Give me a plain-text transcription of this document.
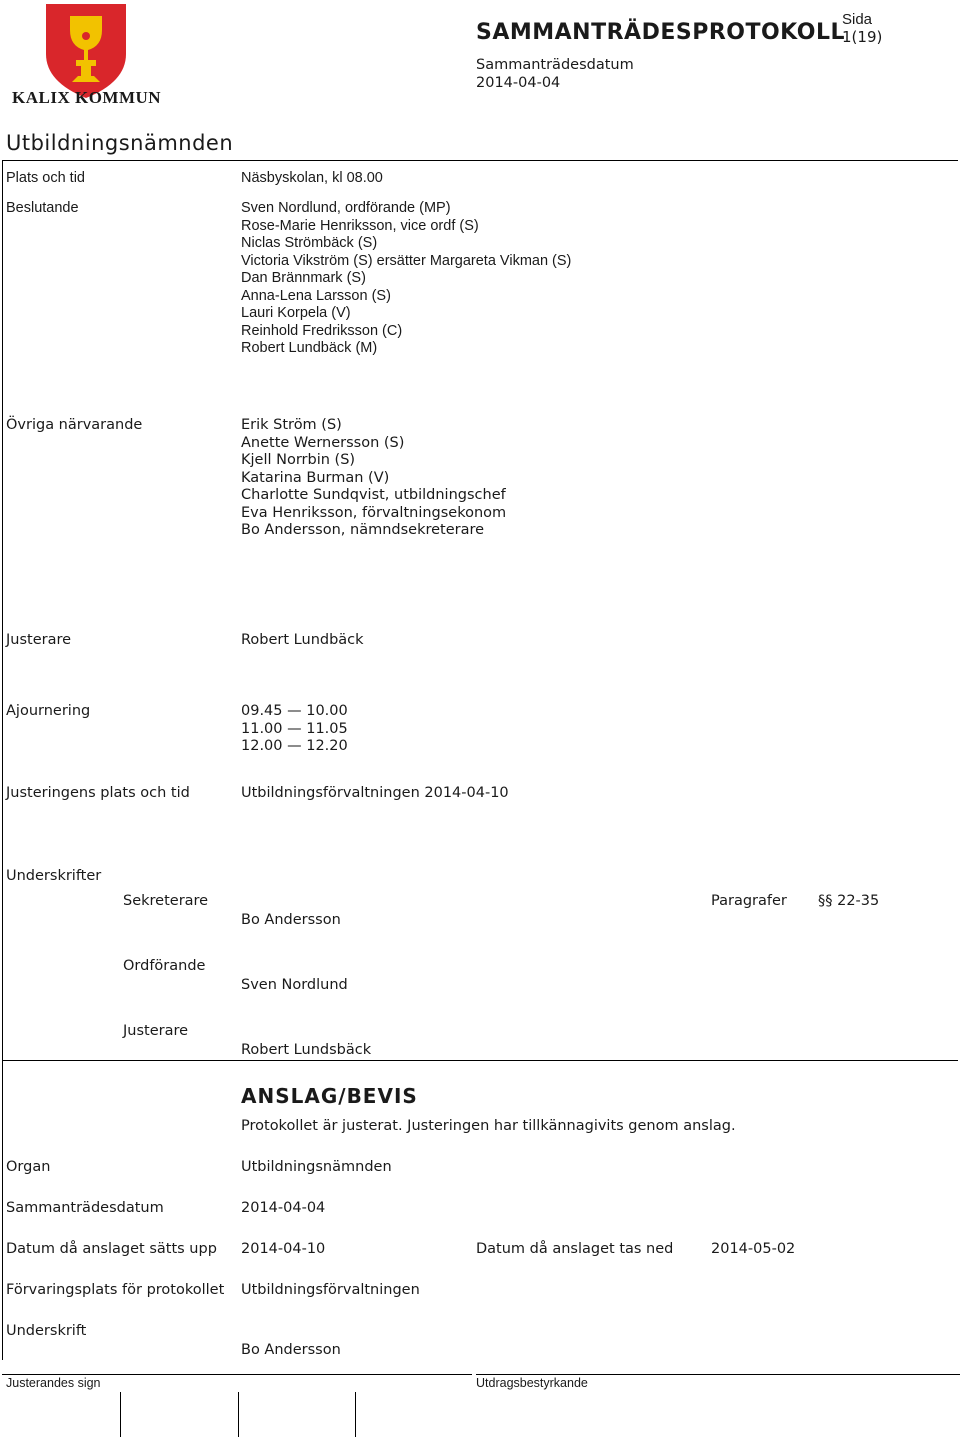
KALIX KOMMUN
SAMMANTRÄDESPROTOKOLL
Sida
1(19)
Sammanträdesdatum
2014-04-04
Utbildningsnämnden
Plats och tid	Näsbyskolan, kl 08.00
Beslutande	Sven Nordlund, ordförande (MP)
Rose-Marie Henriksson, vice ordf (S)
Niclas Strömbäck (S)
Victoria Vikström (S) ersätter Margareta Vikman (S)
Dan Brännmark (S)
Anna-Lena Larsson (S)
Lauri Korpela (V)
Reinhold Fredriksson (C)
Robert Lundbäck (M)
Övriga närvarande	Erik Ström (S)
Anette Wernersson (S)
Kjell Norrbin (S)
Katarina Burman (V)
Charlotte Sundqvist, utbildningschef
Eva Henriksson, förvaltningsekonom
Bo Andersson, nämndsekreterare
Justerare	Robert Lundbäck
Ajournering	09.45 — 10.00
11.00 — 11.05
12.00 — 12.20
Justeringens plats och tid	Utbildningsförvaltningen 2014-04-10
Underskrifter
Sekreterare
Bo Andersson
Paragrafer §§ 22-35
Ordförande
Sven Nordlund
Justerare
Robert Lundsbäck
ANSLAG/BEVIS
Protokollet är justerat. Justeringen har tillkännagivits genom anslag.
Organ	Utbildningsnämnden
Sammanträdesdatum	2014-04-04
Datum då anslaget sätts upp 2014-04-10	Datum då anslaget tas ned	2014-05-02
Förvaringsplats för protokollet Utbildningsförvaltningen
Underskrift
Bo Andersson
Justerandes sign	Utdragsbestyrkande
